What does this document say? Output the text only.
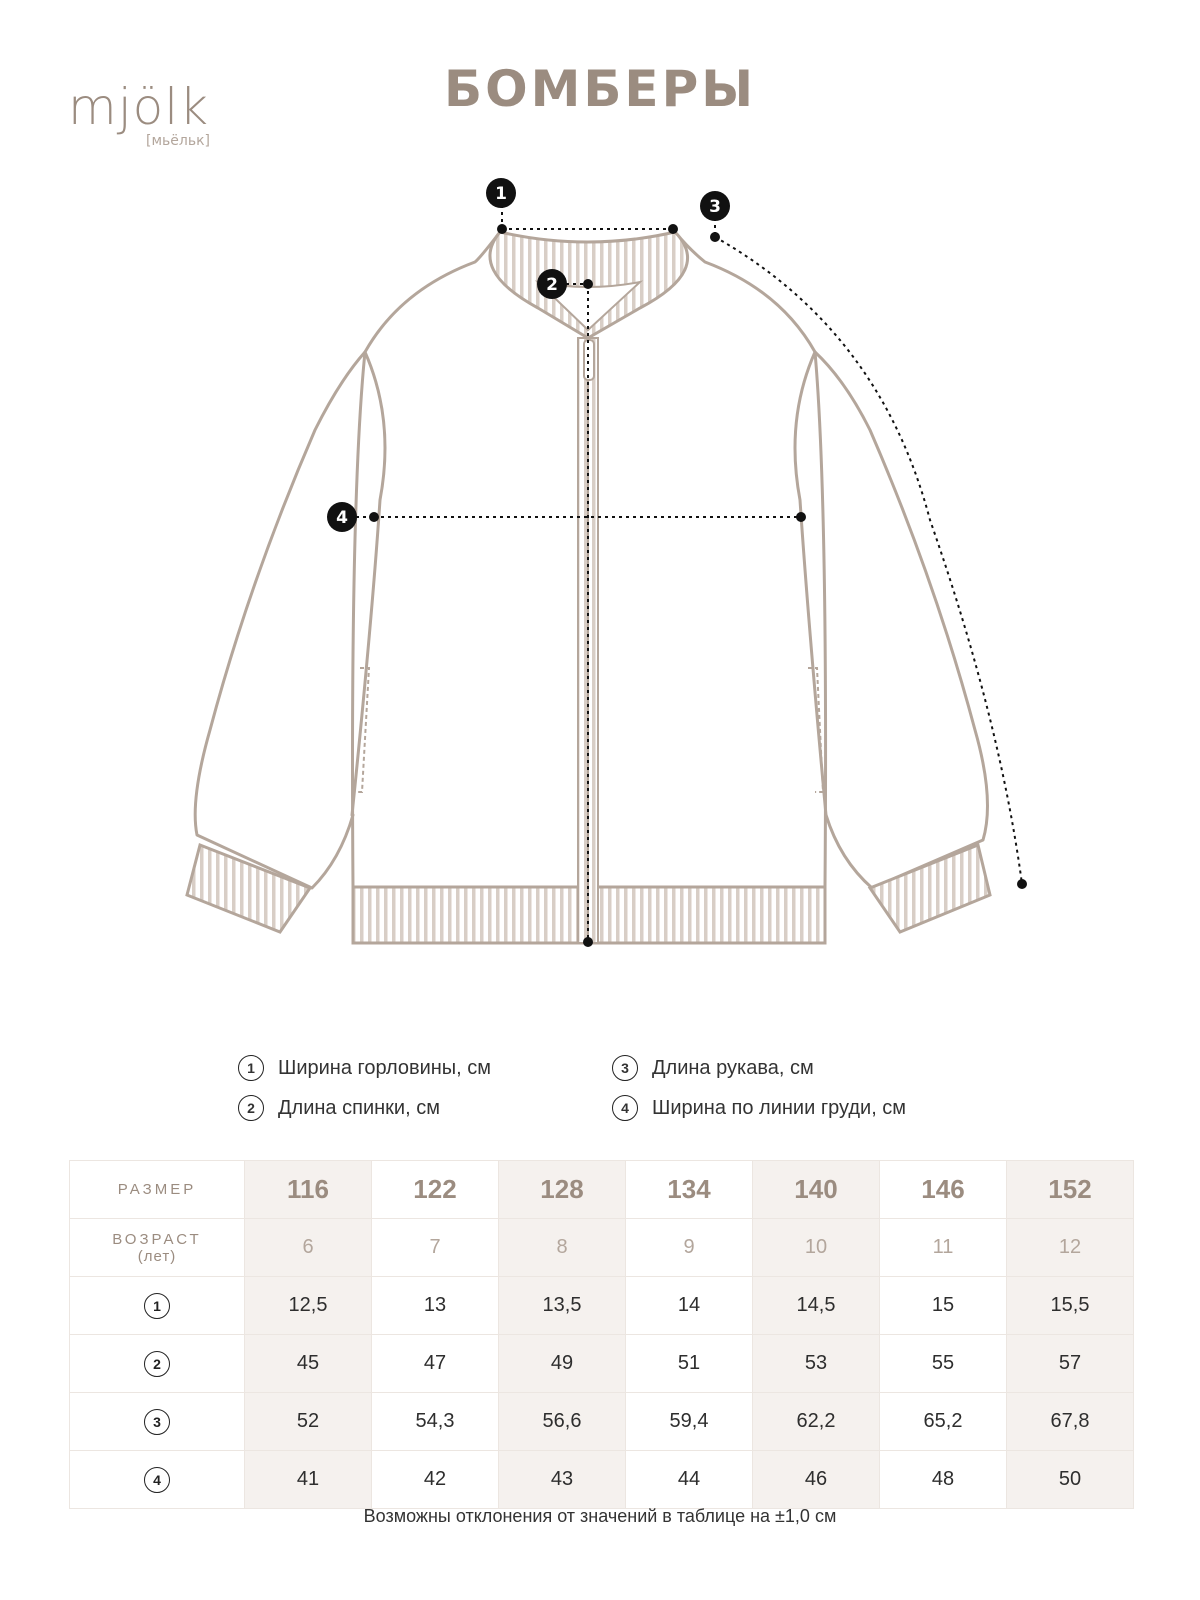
mjölk
[мьёльк]
БОМБЕРЫ
1
2
3
4
1	Ширина горловины, см
2	Длина спинки, см
3	Длина рукава, см
4	Ширина по линии груди, см
РАЗМЕР	116	122	128	134	140	146	152

ВОЗРАСТ
(лет)	6	7	8	9	10	11	12
1	12,5	13	13,5	14	14,5	15	15,5
2	45	47	49	51	53	55	57
3	52	54,3	56,6	59,4	62,2	65,2	67,8
4	41	42	43	44	46	48	50
Возможны отклонения от значений в таблице на ±1,0 см
